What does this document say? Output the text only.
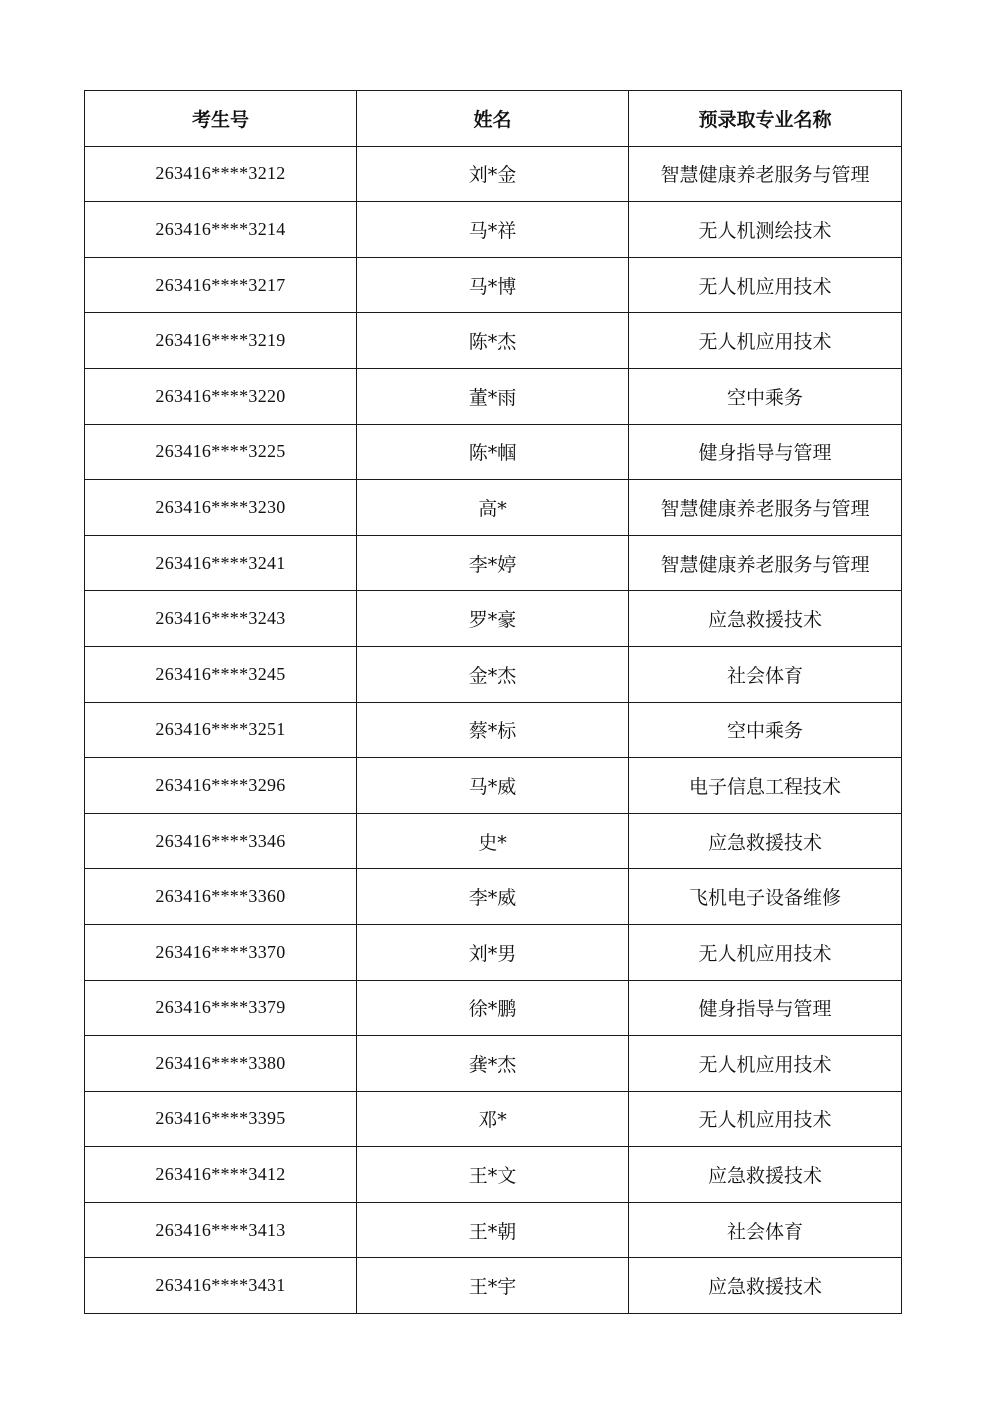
考生号	姓名	预录取专业名称
263416****3212	刘*金	智慧健康养老服务与管理
263416****3214	马*祥	无人机测绘技术
263416****3217	马*博	无人机应用技术
263416****3219	陈*杰	无人机应用技术
263416****3220	董*雨	空中乘务
263416****3225	陈*帼	健身指导与管理
263416****3230	高*	智慧健康养老服务与管理
263416****3241	李*婷	智慧健康养老服务与管理
263416****3243	罗*豪	应急救援技术
263416****3245	金*杰	社会体育
263416****3251	蔡*标	空中乘务
263416****3296	马*威	电子信息工程技术
263416****3346	史*	应急救援技术
263416****3360	李*威	飞机电子设备维修
263416****3370	刘*男	无人机应用技术
263416****3379	徐*鹏	健身指导与管理
263416****3380	龚*杰	无人机应用技术
263416****3395	邓*	无人机应用技术
263416****3412	王*文	应急救援技术
263416****3413	王*朝	社会体育
263416****3431	王*宇	应急救援技术
